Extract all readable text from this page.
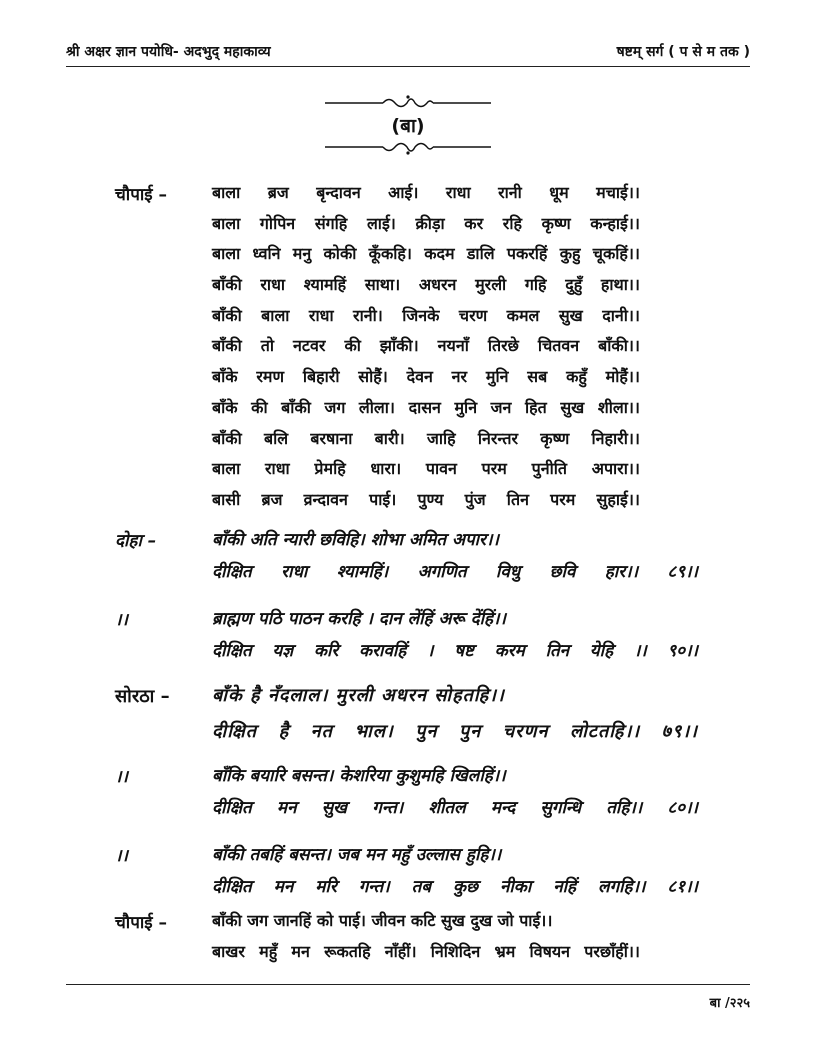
श्री अक्षर ज्ञान पयोधि- अदभुद् महाकाव्य	षष्टम् सर्ग ( प से म तक )
(बा)
चौपाई –	बाला ब्रज बृन्दावन आई। राधा रानी धूम मचाई।।
बाला गोपिन संगहि लाई। क्रीड़ा कर रहि कृष्ण कन्हाई।।
बाला ध्वनि मनु कोकी कूँकहि। कदम डालि पकरहिं कुहु चूकहिं।।
बाँकी राधा श्यामहिं साथा। अधरन मुरली गहि दुहुँ हाथा।।
बाँकी बाला राधा रानी। जिनके चरण कमल सुख दानी।।
बाँकी तो नटवर की झाँकी। नयनाँ तिरछे चितवन बाँकी।।
बाँके रमण बिहारी सोहैं। देवन नर मुनि सब कहुँ मोहैं।।
बाँके की बाँकी जग लीला। दासन मुनि जन हित सुख शीला।।
बाँकी बलि बरषाना बारी। जाहि निरन्तर कृष्ण निहारी।।
बाला राधा प्रेमहि धारा। पावन परम पुनीति अपारा।।
बासी ब्रज व्रन्दावन पाई। पुण्य पुंज तिन परम सुहाई।।
दोहा –	बाँकी अति न्यारी छविहि। शोभा अमित अपार।।
दीक्षित राधा श्यामहिं। अगणित विधु छवि हार।। ८९।।
।।	ब्राह्मण पठि पाठन करहि । दान लेंहिं अरू देंहिं।।
दीक्षित यज्ञ करि करावहिं । षष्ट करम तिन येहि ।। ९०।।
सोरठा – बाँके है नँदलाल। मुरली अधरन सोहतहि।।
दीक्षित है नत भाल। पुन पुन चरणन लोटतहि।। ७९।।
।।	बाँकि बयारि बसन्त। केशरिया कुशुमहि खिलहिं।।
दीक्षित मन सुख गन्त। शीतल मन्द सुगन्धि तहि।। ८०।।
।।	बाँकी तबहिं बसन्त। जब मन महुँ उल्लास हुहि।।
दीक्षित मन मरि गन्त। तब कुछ नीका नहिं लगहि।। ८१।।
चौपाई –	बाँकी जग जानहिं को पाई। जीवन कटि सुख दुख जो पाई।।
बाखर महुँ मन रूकतहि नाँहीं। निशिदिन भ्रम विषयन परछाँहीं।।
बा /२२५
